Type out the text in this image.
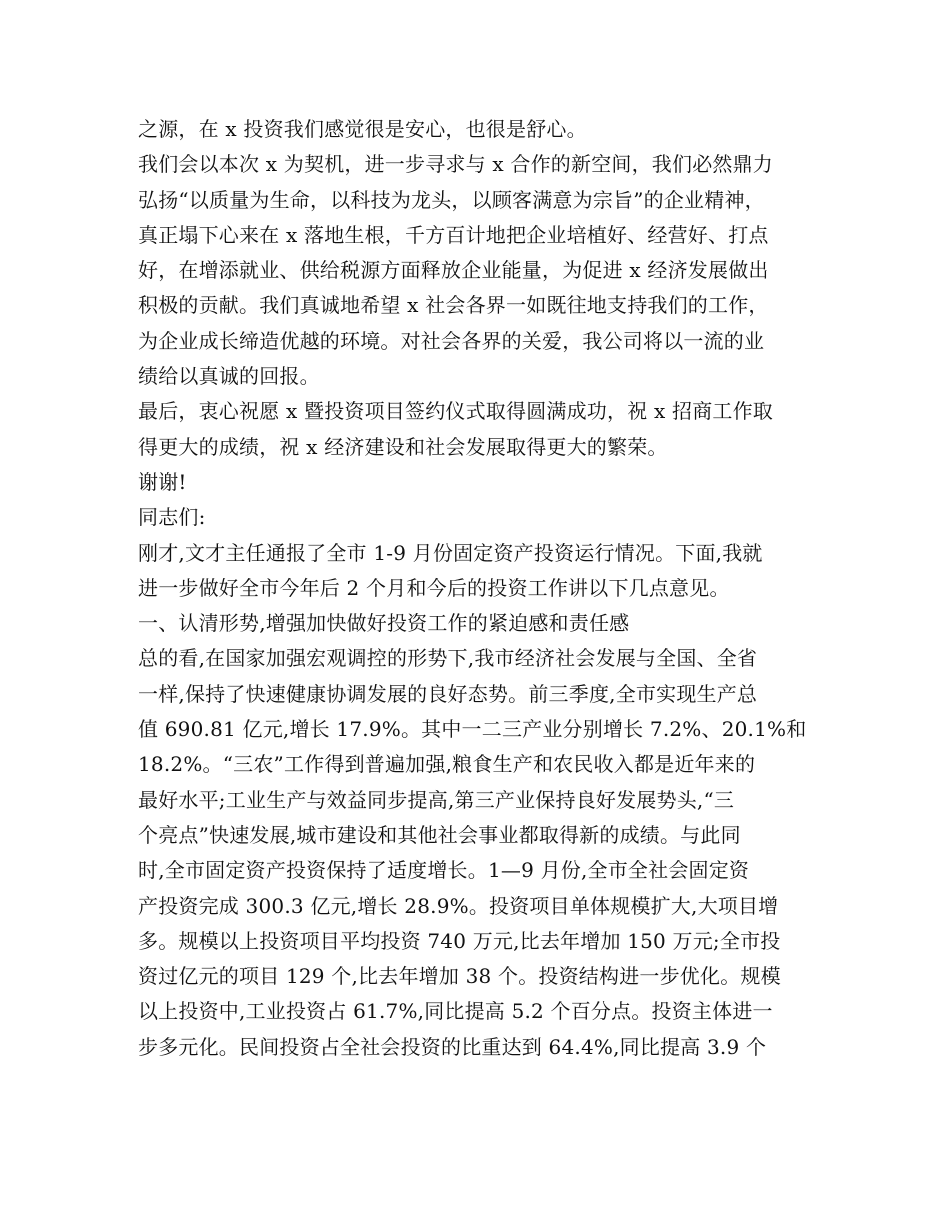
之源，在 x 投资我们感觉很是安心，也很是舒心。
我们会以本次 x 为契机，进一步寻求与 x 合作的新空间，我们必然鼎力
弘扬“以质量为生命，以科技为龙头，以顾客满意为宗旨”的企业精神，
真正塌下心来在 x 落地生根，千方百计地把企业培植好、经营好、打点
好，在增添就业、供给税源方面释放企业能量，为促进 x 经济发展做出
积极的贡献。我们真诚地希望 x 社会各界一如既往地支持我们的工作，
为企业成长缔造优越的环境。对社会各界的关爱，我公司将以一流的业
绩给以真诚的回报。
最后，衷心祝愿 x 暨投资项目签约仪式取得圆满成功，祝 x 招商工作取
得更大的成绩，祝 x 经济建设和社会发展取得更大的繁荣。
谢谢!
同志们:
刚才,文才主任通报了全市 1-9 月份固定资产投资运行情况。下面,我就
进一步做好全市今年后 2 个月和今后的投资工作讲以下几点意见。
一、认清形势,增强加快做好投资工作的紧迫感和责任感
总的看,在国家加强宏观调控的形势下,我市经济社会发展与全国、全省
一样,保持了快速健康协调发展的良好态势。前三季度,全市实现生产总
值 690.81 亿元,增长 17.9%。其中一二三产业分别增长 7.2%、20.1%和
18.2%。“三农”工作得到普遍加强,粮食生产和农民收入都是近年来的
最好水平;工业生产与效益同步提高,第三产业保持良好发展势头,“三
个亮点”快速发展,城市建设和其他社会事业都取得新的成绩。与此同
时,全市固定资产投资保持了适度增长。1—9 月份,全市全社会固定资
产投资完成 300.3 亿元,增长 28.9%。投资项目单体规模扩大,大项目增
多。规模以上投资项目平均投资 740 万元,比去年增加 150 万元;全市投
资过亿元的项目 129 个,比去年增加 38 个。投资结构进一步优化。规模
以上投资中,工业投资占 61.7%,同比提高 5.2 个百分点。投资主体进一
步多元化。民间投资占全社会投资的比重达到 64.4%,同比提高 3.9 个
